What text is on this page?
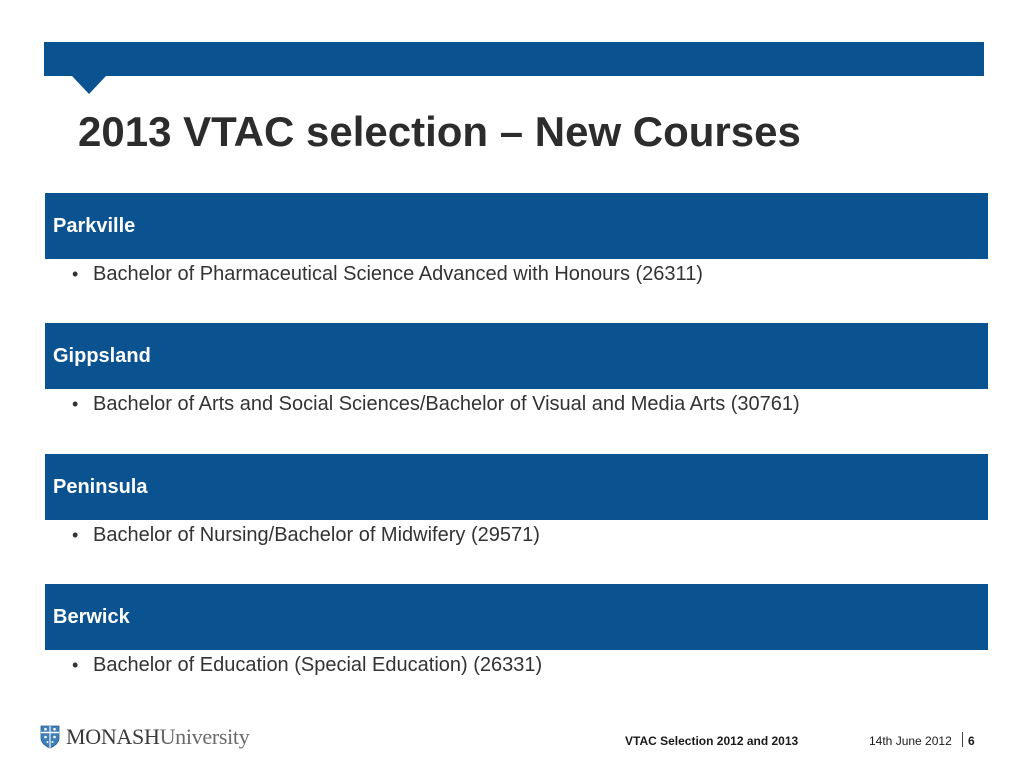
2013 VTAC selection – New Courses
Parkville
• Bachelor of Pharmaceutical Science Advanced with Honours (26311)
Gippsland
• Bachelor of Arts and Social Sciences/Bachelor of Visual and Media Arts (30761)
Peninsula
• Bachelor of Nursing/Bachelor of Midwifery (29571)
Berwick
• Bachelor of Education (Special Education) (26331)
MONASHUniversity	VTAC Selection 2012 and 2013	14th June 2012 6
